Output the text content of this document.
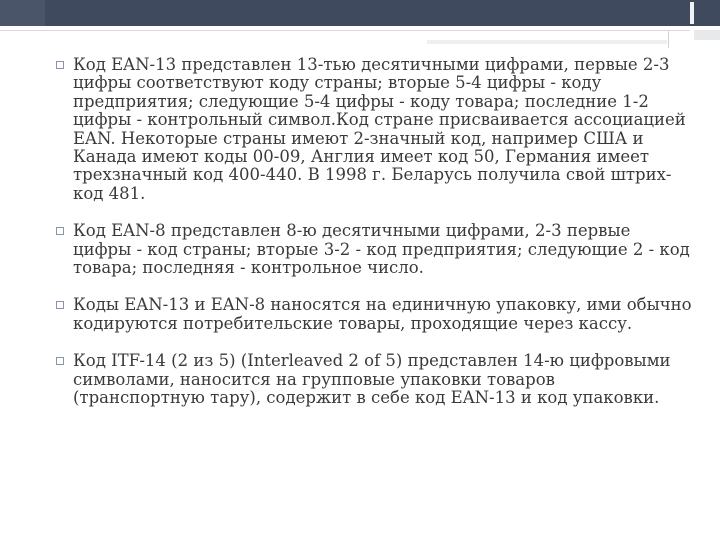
Код EAN-13 представлен 13-тью десятичными цифрами, первые 2-3 цифры соответствуют коду страны; вторые 5-4 цифры - коду предприятия; следующие 5-4 цифры - коду товара; последние 1-2 цифры - контрольный символ.Код стране присваивается ассоциацией EAN. Некоторые страны имеют 2-значный код, например США и Канада имеют коды 00-09, Англия имеет код 50, Германия имеет трехзначный код 400-440. В 1998 г. Беларусь получила свой штрих-код 481.

Код EAN-8 представлен 8-ю десятичными цифрами, 2-3 первые цифры - код страны; вторые 3-2 - код предприятия; следующие 2 - код товара; последняя - контрольное число.

Коды EAN-13 и EAN-8 наносятся на единичную упаковку, ими обычно кодируются потребительские товары, проходящие через кассу.

Код ITF-14 (2 из 5) (Interleaved 2 of 5) представлен 14-ю цифровыми символами, наносится на групповые упаковки товаров (транспортную тару), содержит в себе код EAN-13 и код упаковки.
